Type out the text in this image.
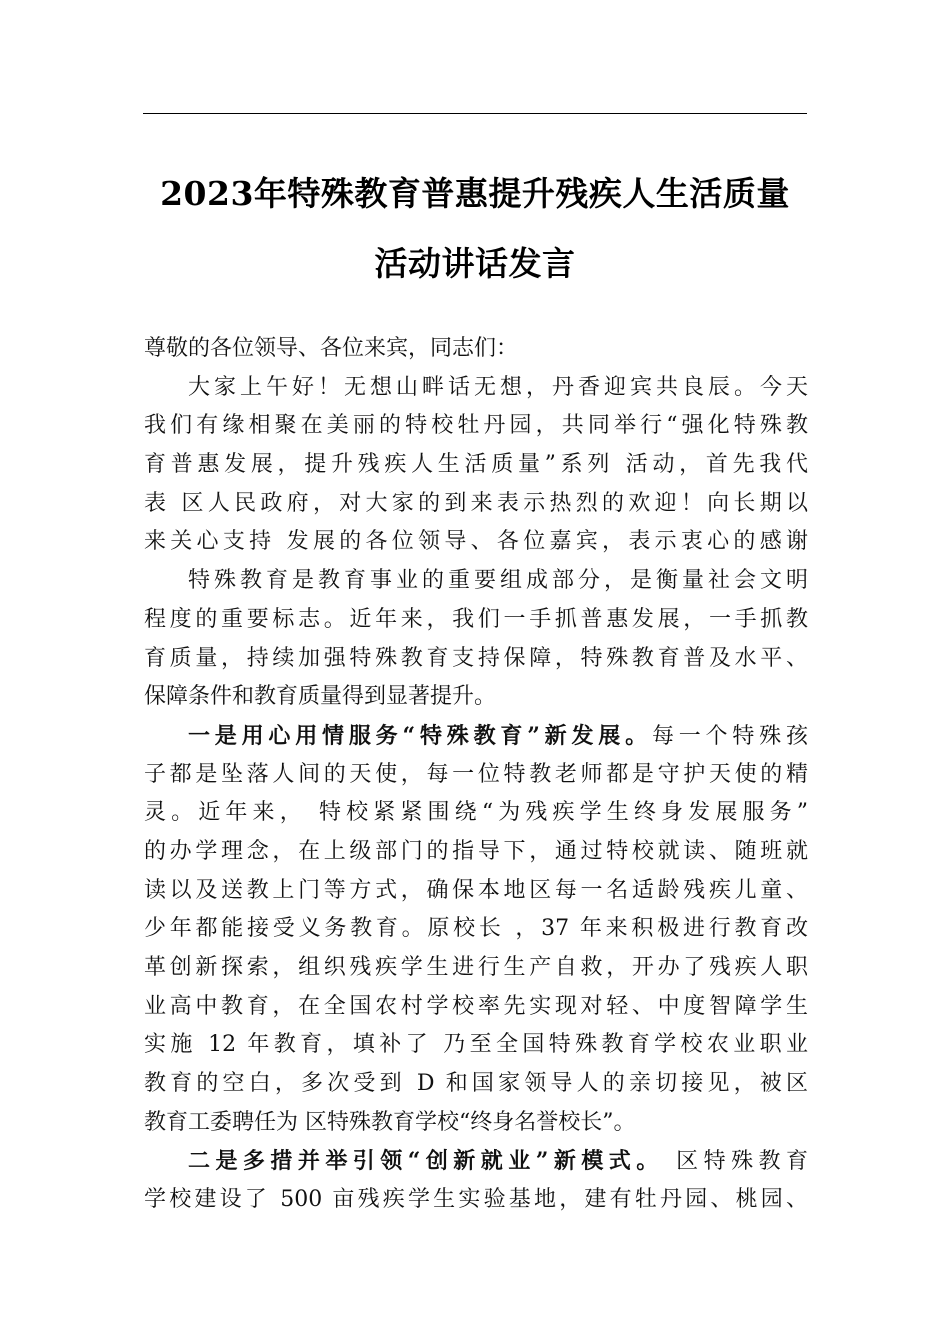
2023年特殊教育普惠提升残疾人生活质量
活动讲话发言
尊敬的各位领导、各位来宾，同志们：
大家上午好！无想山畔话无想，丹香迎宾共良辰。今天
我们有缘相聚在美丽的特校牡丹园，共同举行“强化特殊教
育普惠发展，提升残疾人生活质量”系列 活动，首先我代
表 区人民政府，对大家的到来表示热烈的欢迎！向长期以
来关心支持 发展的各位领导、各位嘉宾，表示衷心的感谢
特殊教育是教育事业的重要组成部分，是衡量社会文明
程度的重要标志。近年来，我们一手抓普惠发展，一手抓教
育质量，持续加强特殊教育支持保障，特殊教育普及水平、
保障条件和教育质量得到显著提升。
一是用心用情服务“特殊教育”新发展。每一个特殊孩
子都是坠落人间的天使，每一位特教老师都是守护天使的精
灵。近年来， 特校紧紧围绕“为残疾学生终身发展服务”
的办学理念，在上级部门的指导下，通过特校就读、随班就
读以及送教上门等方式，确保本地区每一名适龄残疾儿童、
少年都能接受义务教育。原校长 ，37 年来积极进行教育改
革创新探索，组织残疾学生进行生产自救，开办了残疾人职
业高中教育，在全国农村学校率先实现对轻、中度智障学生
实施 12 年教育，填补了 乃至全国特殊教育学校农业职业
教育的空白，多次受到 D 和国家领导人的亲切接见，被区
教育工委聘任为 区特殊教育学校“终身名誉校长”。
二是多措并举引领“创新就业”新模式。 区特殊教育
学校建设了 500 亩残疾学生实验基地，建有牡丹园、桃园、
